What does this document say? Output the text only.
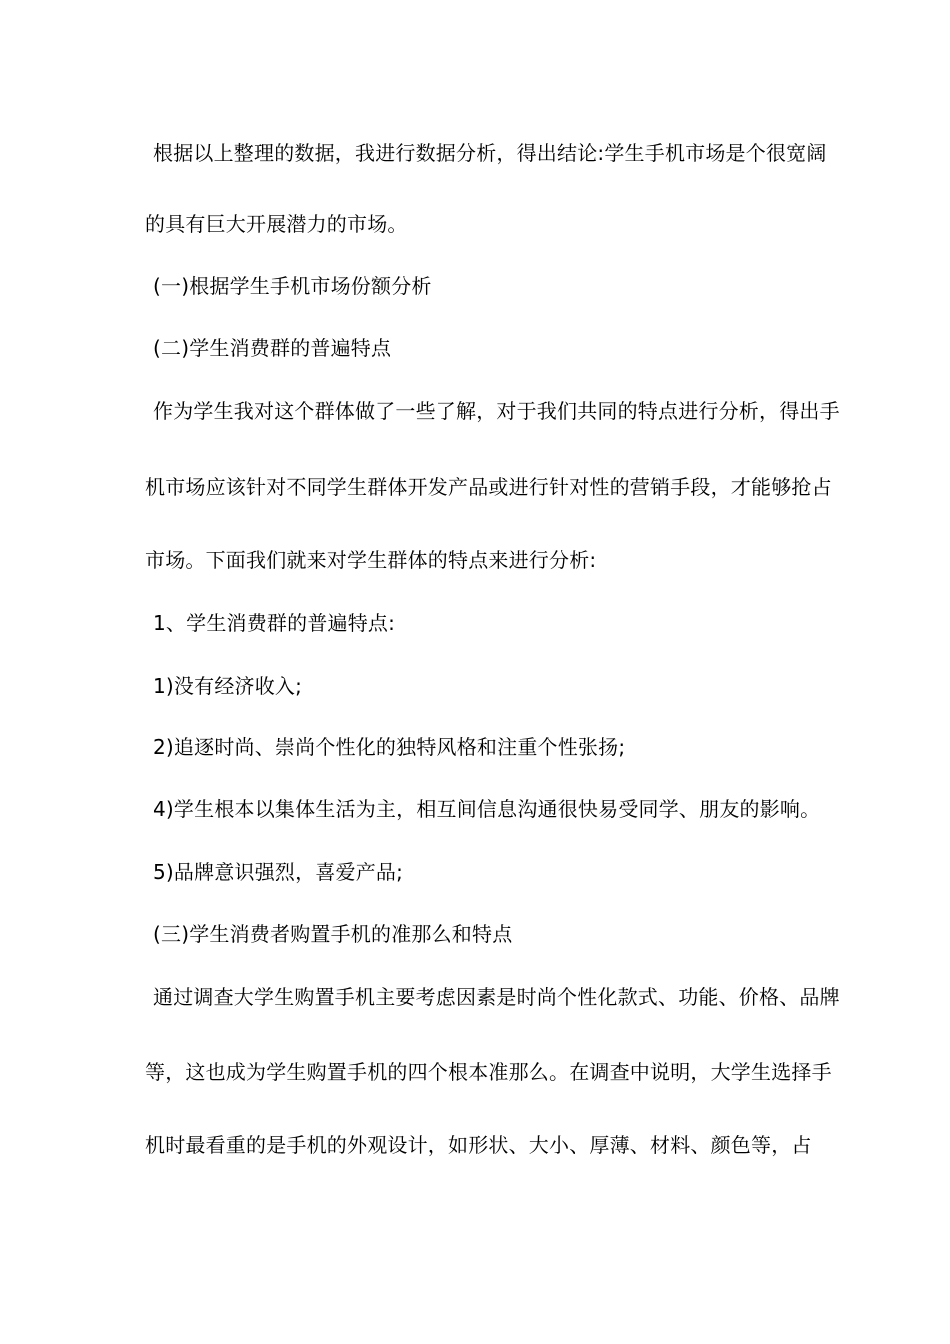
根据以上整理的数据，我进行数据分析，得出结论:学生手机市场是个很宽阔
的具有巨大开展潜力的市场。
(一)根据学生手机市场份额分析
(二)学生消费群的普遍特点
作为学生我对这个群体做了一些了解，对于我们共同的特点进行分析，得出手
机市场应该针对不同学生群体开发产品或进行针对性的营销手段，才能够抢占
市场。下面我们就来对学生群体的特点来进行分析:
1、学生消费群的普遍特点:
1)没有经济收入;
2)追逐时尚、崇尚个性化的独特风格和注重个性张扬;
4)学生根本以集体生活为主，相互间信息沟通很快易受同学、朋友的影响。
5)品牌意识强烈，喜爱产品;
(三)学生消费者购置手机的准那么和特点
通过调查大学生购置手机主要考虑因素是时尚个性化款式、功能、价格、品牌
等，这也成为学生购置手机的四个根本准那么。在调查中说明，大学生选择手
机时最看重的是手机的外观设计，如形状、大小、厚薄、材料、颜色等，占
